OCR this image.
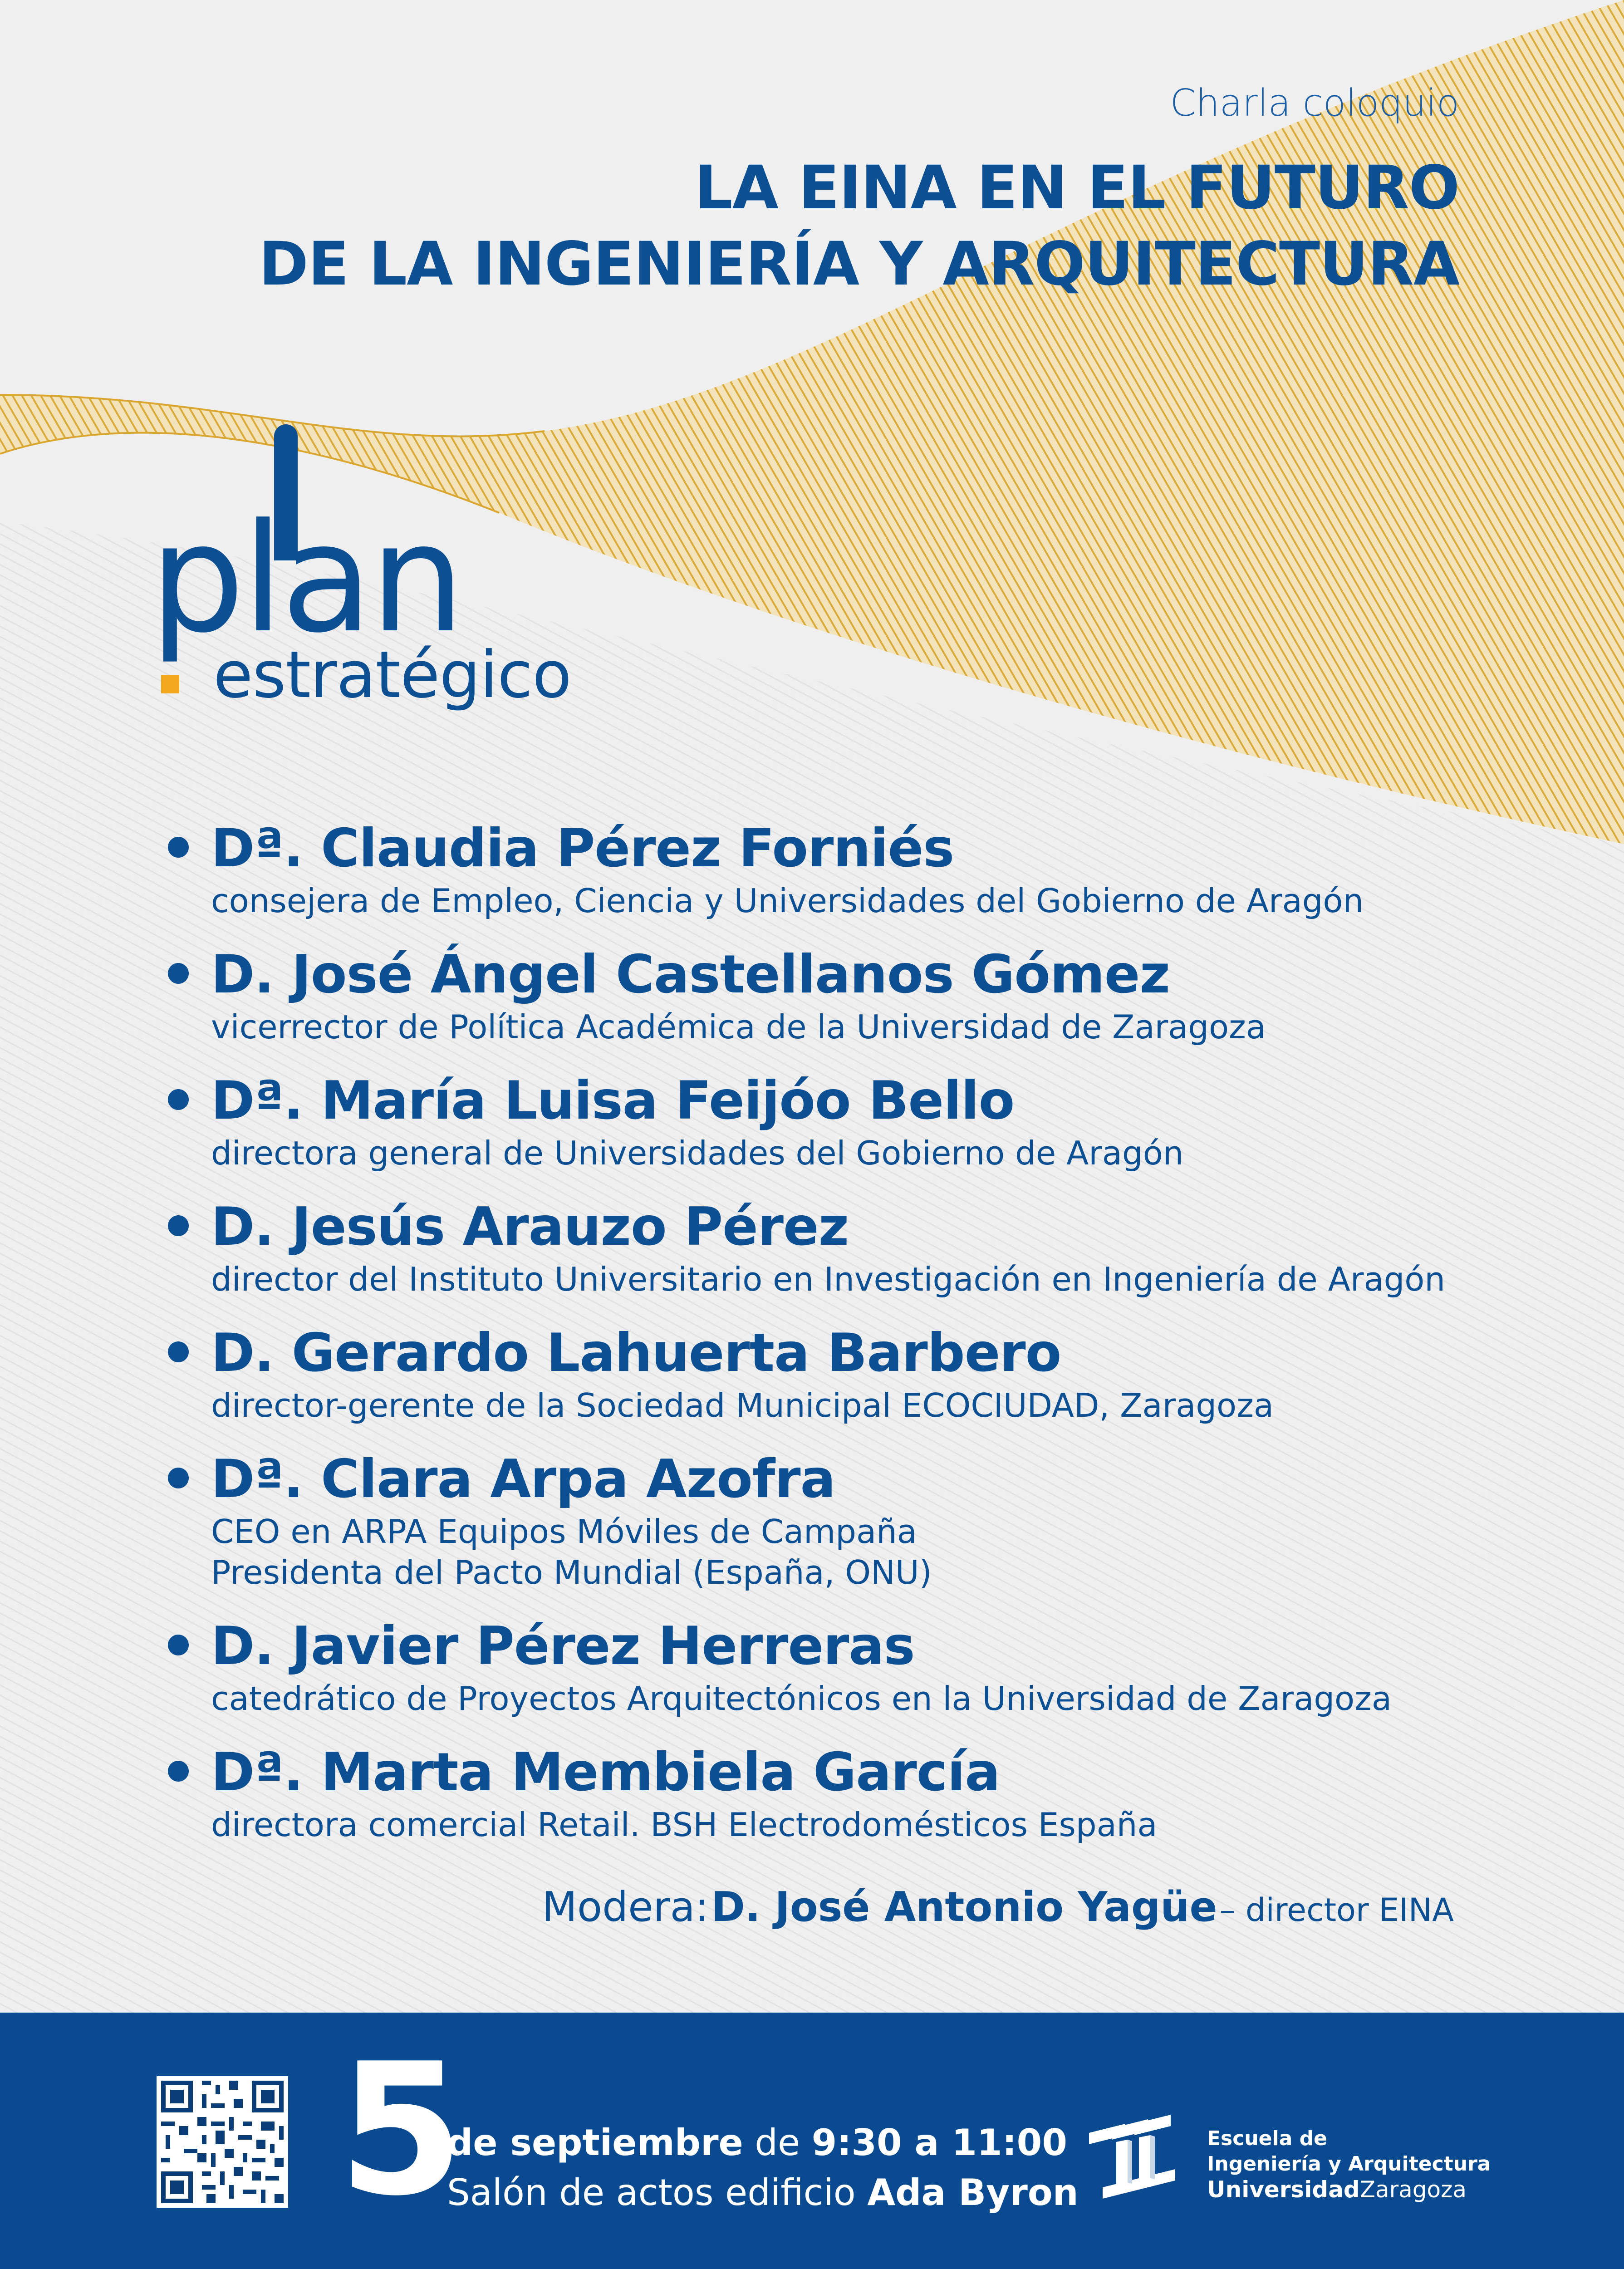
Charla coloquio
LA EINA EN EL FUTURO
DE LA INGENIERÍA Y ARQUITECTURA
plan
estratégico
Dª. Claudia Pérez Forniés
consejera de Empleo, Ciencia y Universidades del Gobierno de Aragón
D. José Ángel Castellanos Gómez
vicerrector de Política Académica de la Universidad de Zaragoza
Dª. María Luisa Feijóo Bello
directora general de Universidades del Gobierno de Aragón
D. Jesús Arauzo Pérez
director del Instituto Universitario en Investigación en Ingeniería de Aragón
D. Gerardo Lahuerta Barbero
director-gerente de la Sociedad Municipal ECOCIUDAD, Zaragoza
Dª. Clara Arpa Azofra
CEO en ARPA Equipos Móviles de Campaña
Presidenta del Pacto Mundial (España, ONU)
D. Javier Pérez Herreras
catedrático de Proyectos Arquitectónicos en la Universidad de Zaragoza
Dª. Marta Membiela García
directora comercial Retail. BSH Electrodomésticos España
Modera: D. José Antonio Yagüe – director EINA
5
de septiembre de 9:30 a 11:00
Salón de actos edificio Ada Byron
Escuela de
Ingeniería y Arquitectura
UniversidadZaragoza
